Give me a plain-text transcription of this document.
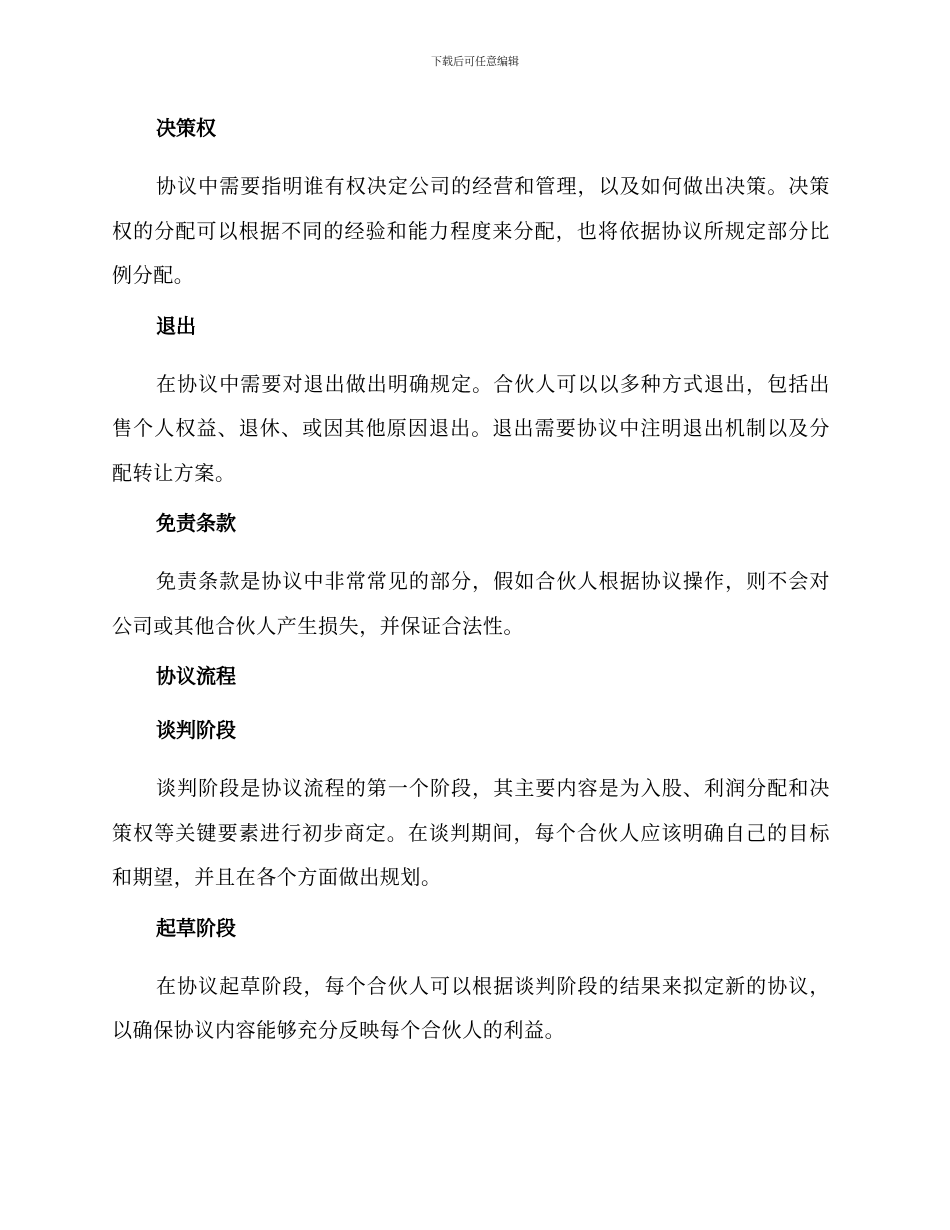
下载后可任意编辑
决策权

协议中需要指明谁有权决定公司的经营和管理，以及如何做出决策。决策权的分配可以根据不同的经验和能力程度来分配，也将依据协议所规定部分比例分配。

退出

在协议中需要对退出做出明确规定。合伙人可以以多种方式退出，包括出售个人权益、退休、或因其他原因退出。退出需要协议中注明退出机制以及分配转让方案。

免责条款

免责条款是协议中非常常见的部分，假如合伙人根据协议操作，则不会对公司或其他合伙人产生损失，并保证合法性。

协议流程
谈判阶段

谈判阶段是协议流程的第一个阶段，其主要内容是为入股、利润分配和决策权等关键要素进行初步商定。在谈判期间，每个合伙人应该明确自己的目标和期望，并且在各个方面做出规划。

起草阶段

在协议起草阶段，每个合伙人可以根据谈判阶段的结果来拟定新的协议，以确保协议内容能够充分反映每个合伙人的利益。
